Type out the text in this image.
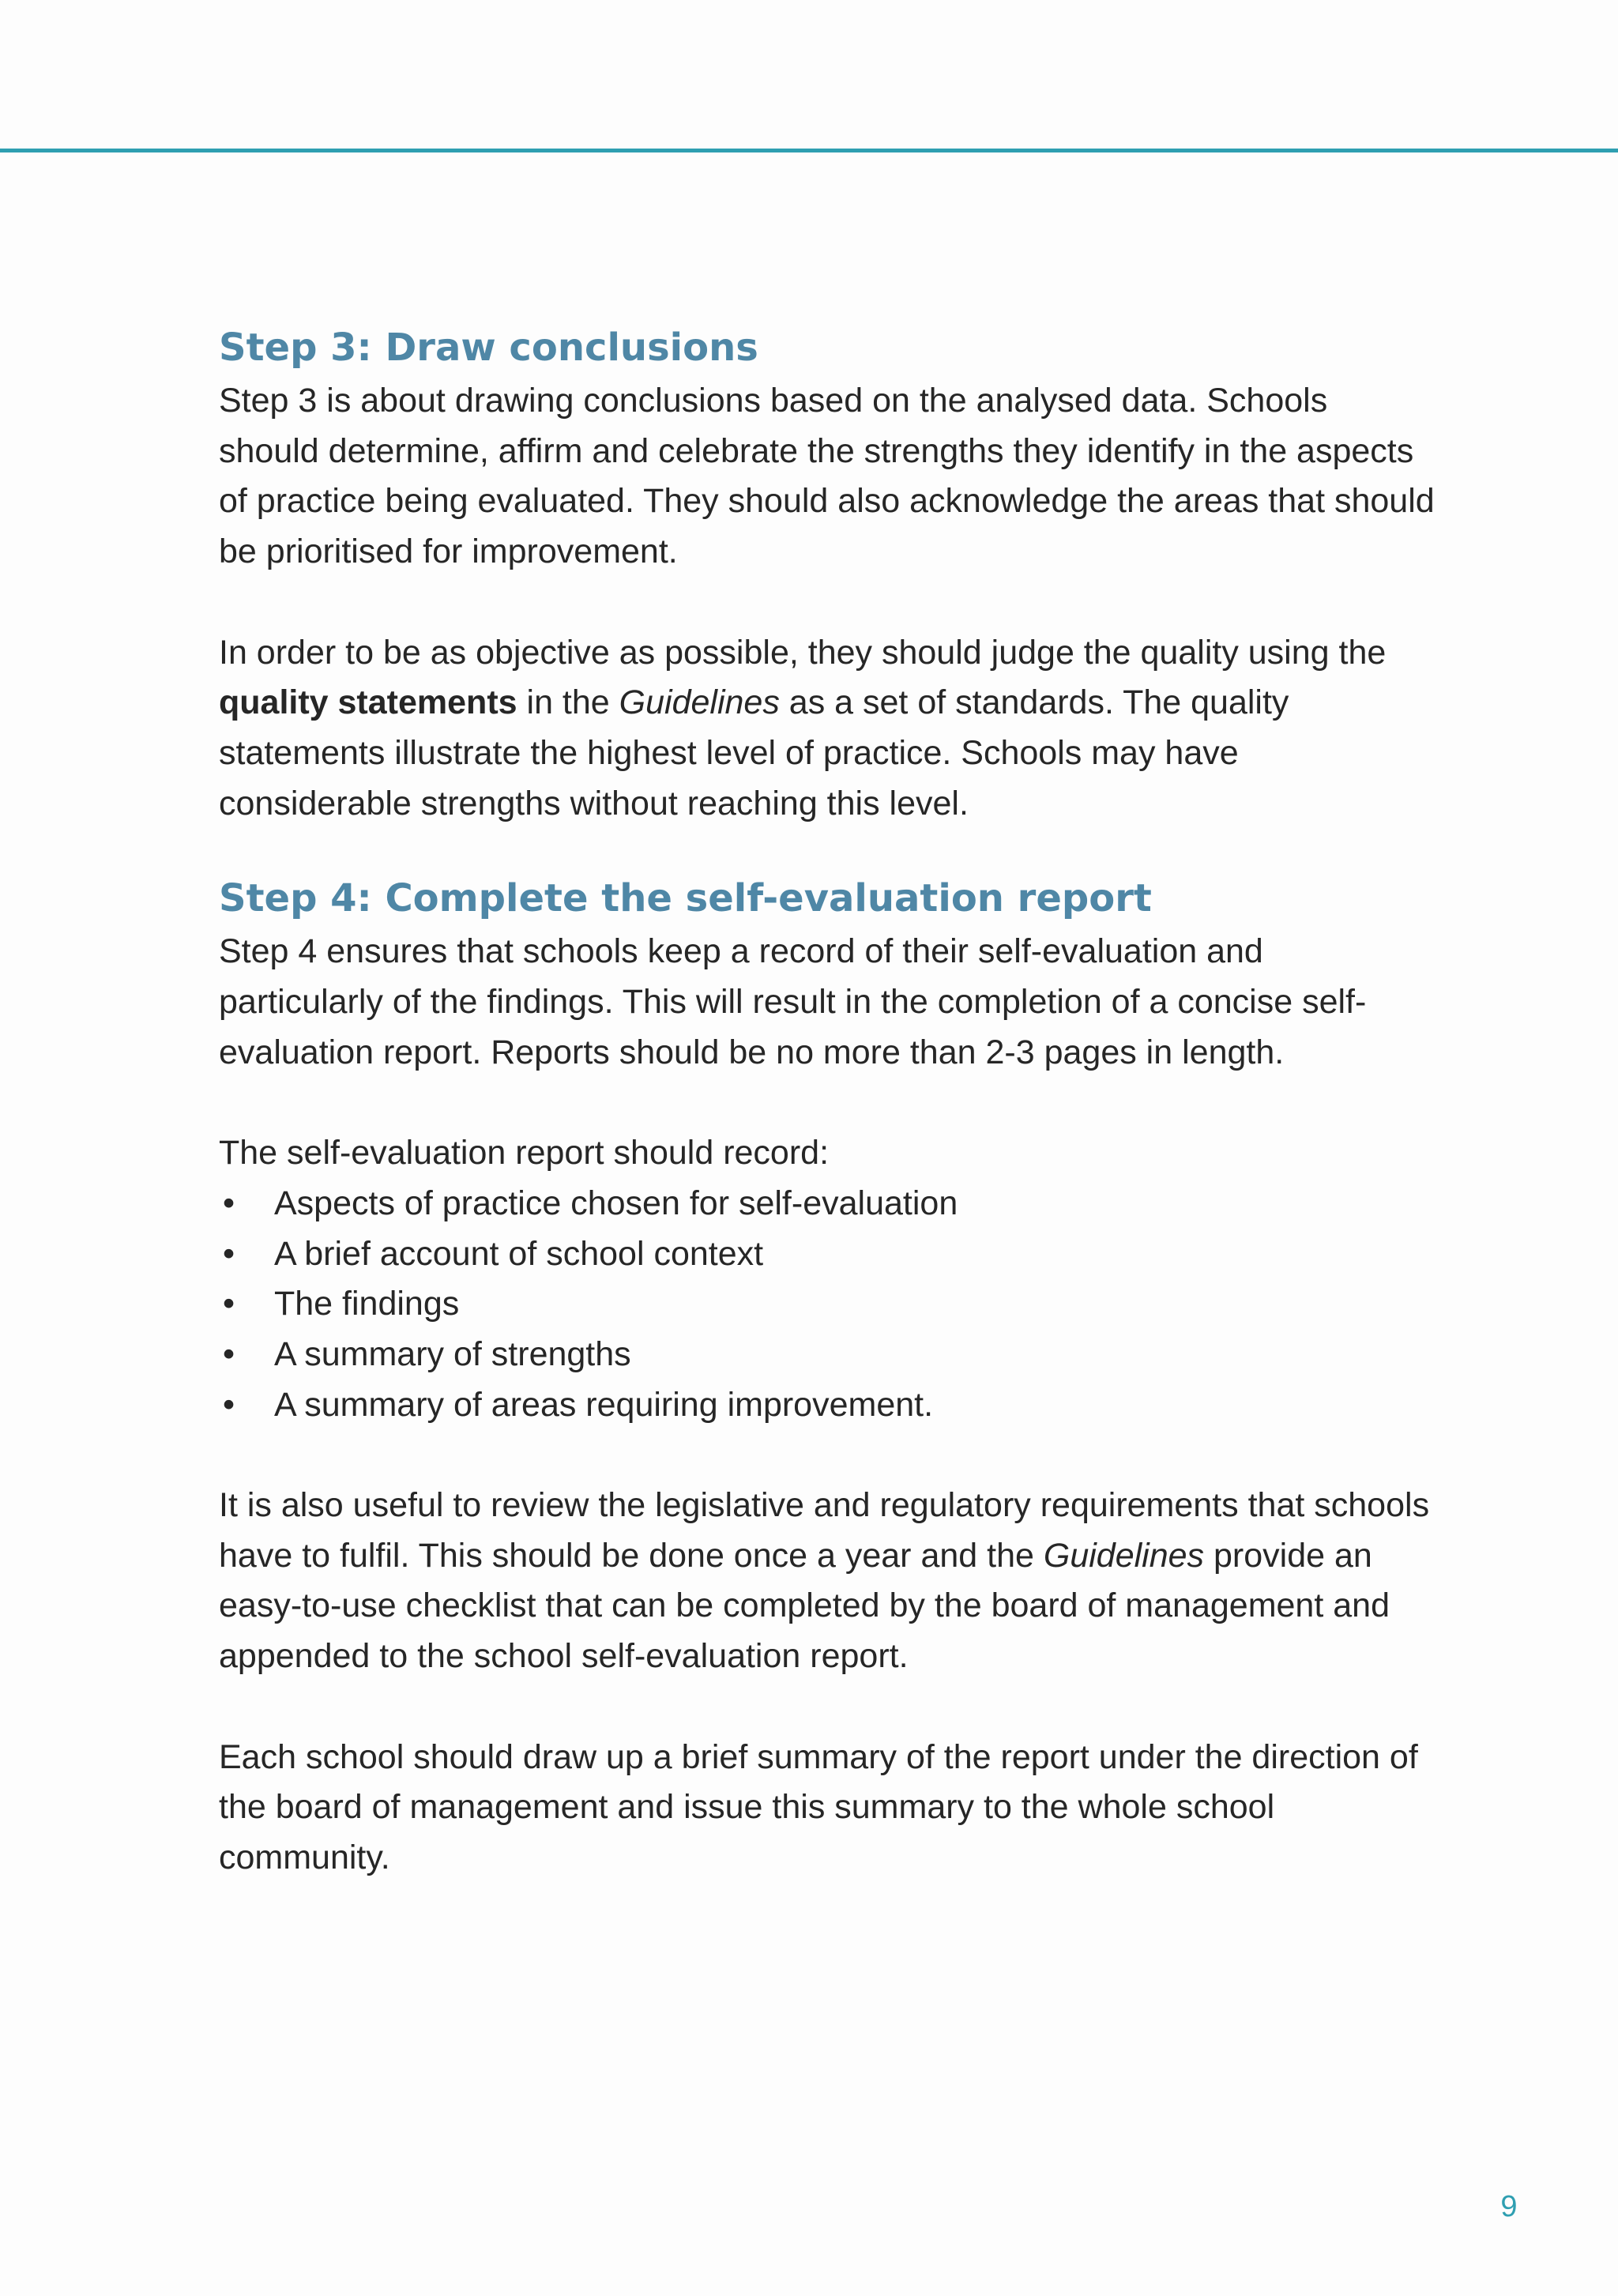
Step 3: Draw conclusions

Step 3 is about drawing conclusions based on the analysed data. Schools should determine, affirm and celebrate the strengths they identify in the aspects of practice being evaluated. They should also acknowledge the areas that should be prioritised for improvement.

In order to be as objective as possible, they should judge the quality using the quality statements in the Guidelines as a set of standards. The quality statements illustrate the highest level of practice. Schools may have considerable strengths without reaching this level.

Step 4: Complete the self-evaluation report

Step 4 ensures that schools keep a record of their self-evaluation and particularly of the findings. This will result in the completion of a concise self-evaluation report. Reports should be no more than 2-3 pages in length.

The self-evaluation report should record:

• Aspects of practice chosen for self-evaluation
• A brief account of school context
• The findings
• A summary of strengths
• A summary of areas requiring improvement.

It is also useful to review the legislative and regulatory requirements that schools have to fulfil. This should be done once a year and the Guidelines provide an easy-to-use checklist that can be completed by the board of management and appended to the school self-evaluation report.

Each school should draw up a brief summary of the report under the direction of the board of management and issue this summary to the whole school community.

9
